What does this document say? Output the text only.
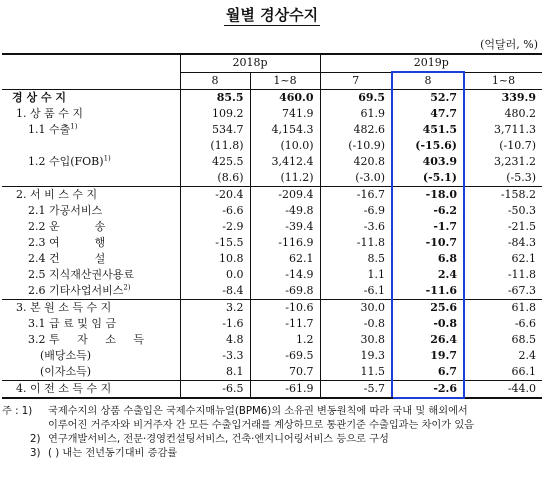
월별 경상수지
(억달러, %)
	2018p		2019p		
	8	1~8	7	8	1~8
경 상 수 지	85.5	460.0	69.5	52.7	339.9
1. 상 품 수 지	109.2	741.9	61.9	47.7	480.2
1.1 수출$^{1)}$	534.7	4,154.3	482.6	451.5	3,711.3
	(11.8)	(10.0)	(-10.9)	(-15.6)	(-10.7)
1.2 수입(FOB)$^{1)}$	425.5	3,412.4	420.8	403.9	3,231.2
	(8.6)	(11.2)	(-3.0)	(-5.1)	(-5.3)
2. 서 비 스 수 지	-20.4	-209.4	-16.7	-18.0	-158.2
2.1 가공서비스	-6.6	-49.8	-6.9	-6.2	-50.3
2.2 운          송	-2.9	-39.4	-3.6	-1.7	-21.5
2.3 여          행	-15.5	-116.9	-11.8	-10.7	-84.3
2.4 건          설	10.8	62.1	8.5	6.8	62.1
2.5 지식재산권사용료	0.0	-14.9	1.1	2.4	-11.8
2.6 기타사업서비스$^{2)}$	-8.4	-69.8	-6.1	-11.6	-67.3
3. 본 원 소 득 수 지	3.2	-10.6	30.0	25.6	61.8
3.1 급 료 및 임 금	-1.6	-11.7	-0.8	-0.8	-6.6
3.2 투     자     소     득	4.8	1.2	30.8	26.4	68.5
(배당소득)	-3.3	-69.5	19.3	19.7	2.4
(이자소득)	8.1	70.7	11.5	6.7	66.1
4. 이 전 소 득 수 지	-6.5	-61.9	-5.7	-2.6	-44.0
주 : 1)	국제수지의 상품 수출입은 국제수지매뉴얼(BPM6)의 소유권 변동원칙에 따라 국내 및 해외에서
이루어진 거주자와 비거주자 간 모든 수출입거래를 계상하므로 통관기준 수출입과는 차이가 있음
2) 연구개발서비스, 전문·경영컨설팅서비스, 건축·엔지니어링서비스 등으로 구성
3) ( ) 내는 전년동기대비 증감률
